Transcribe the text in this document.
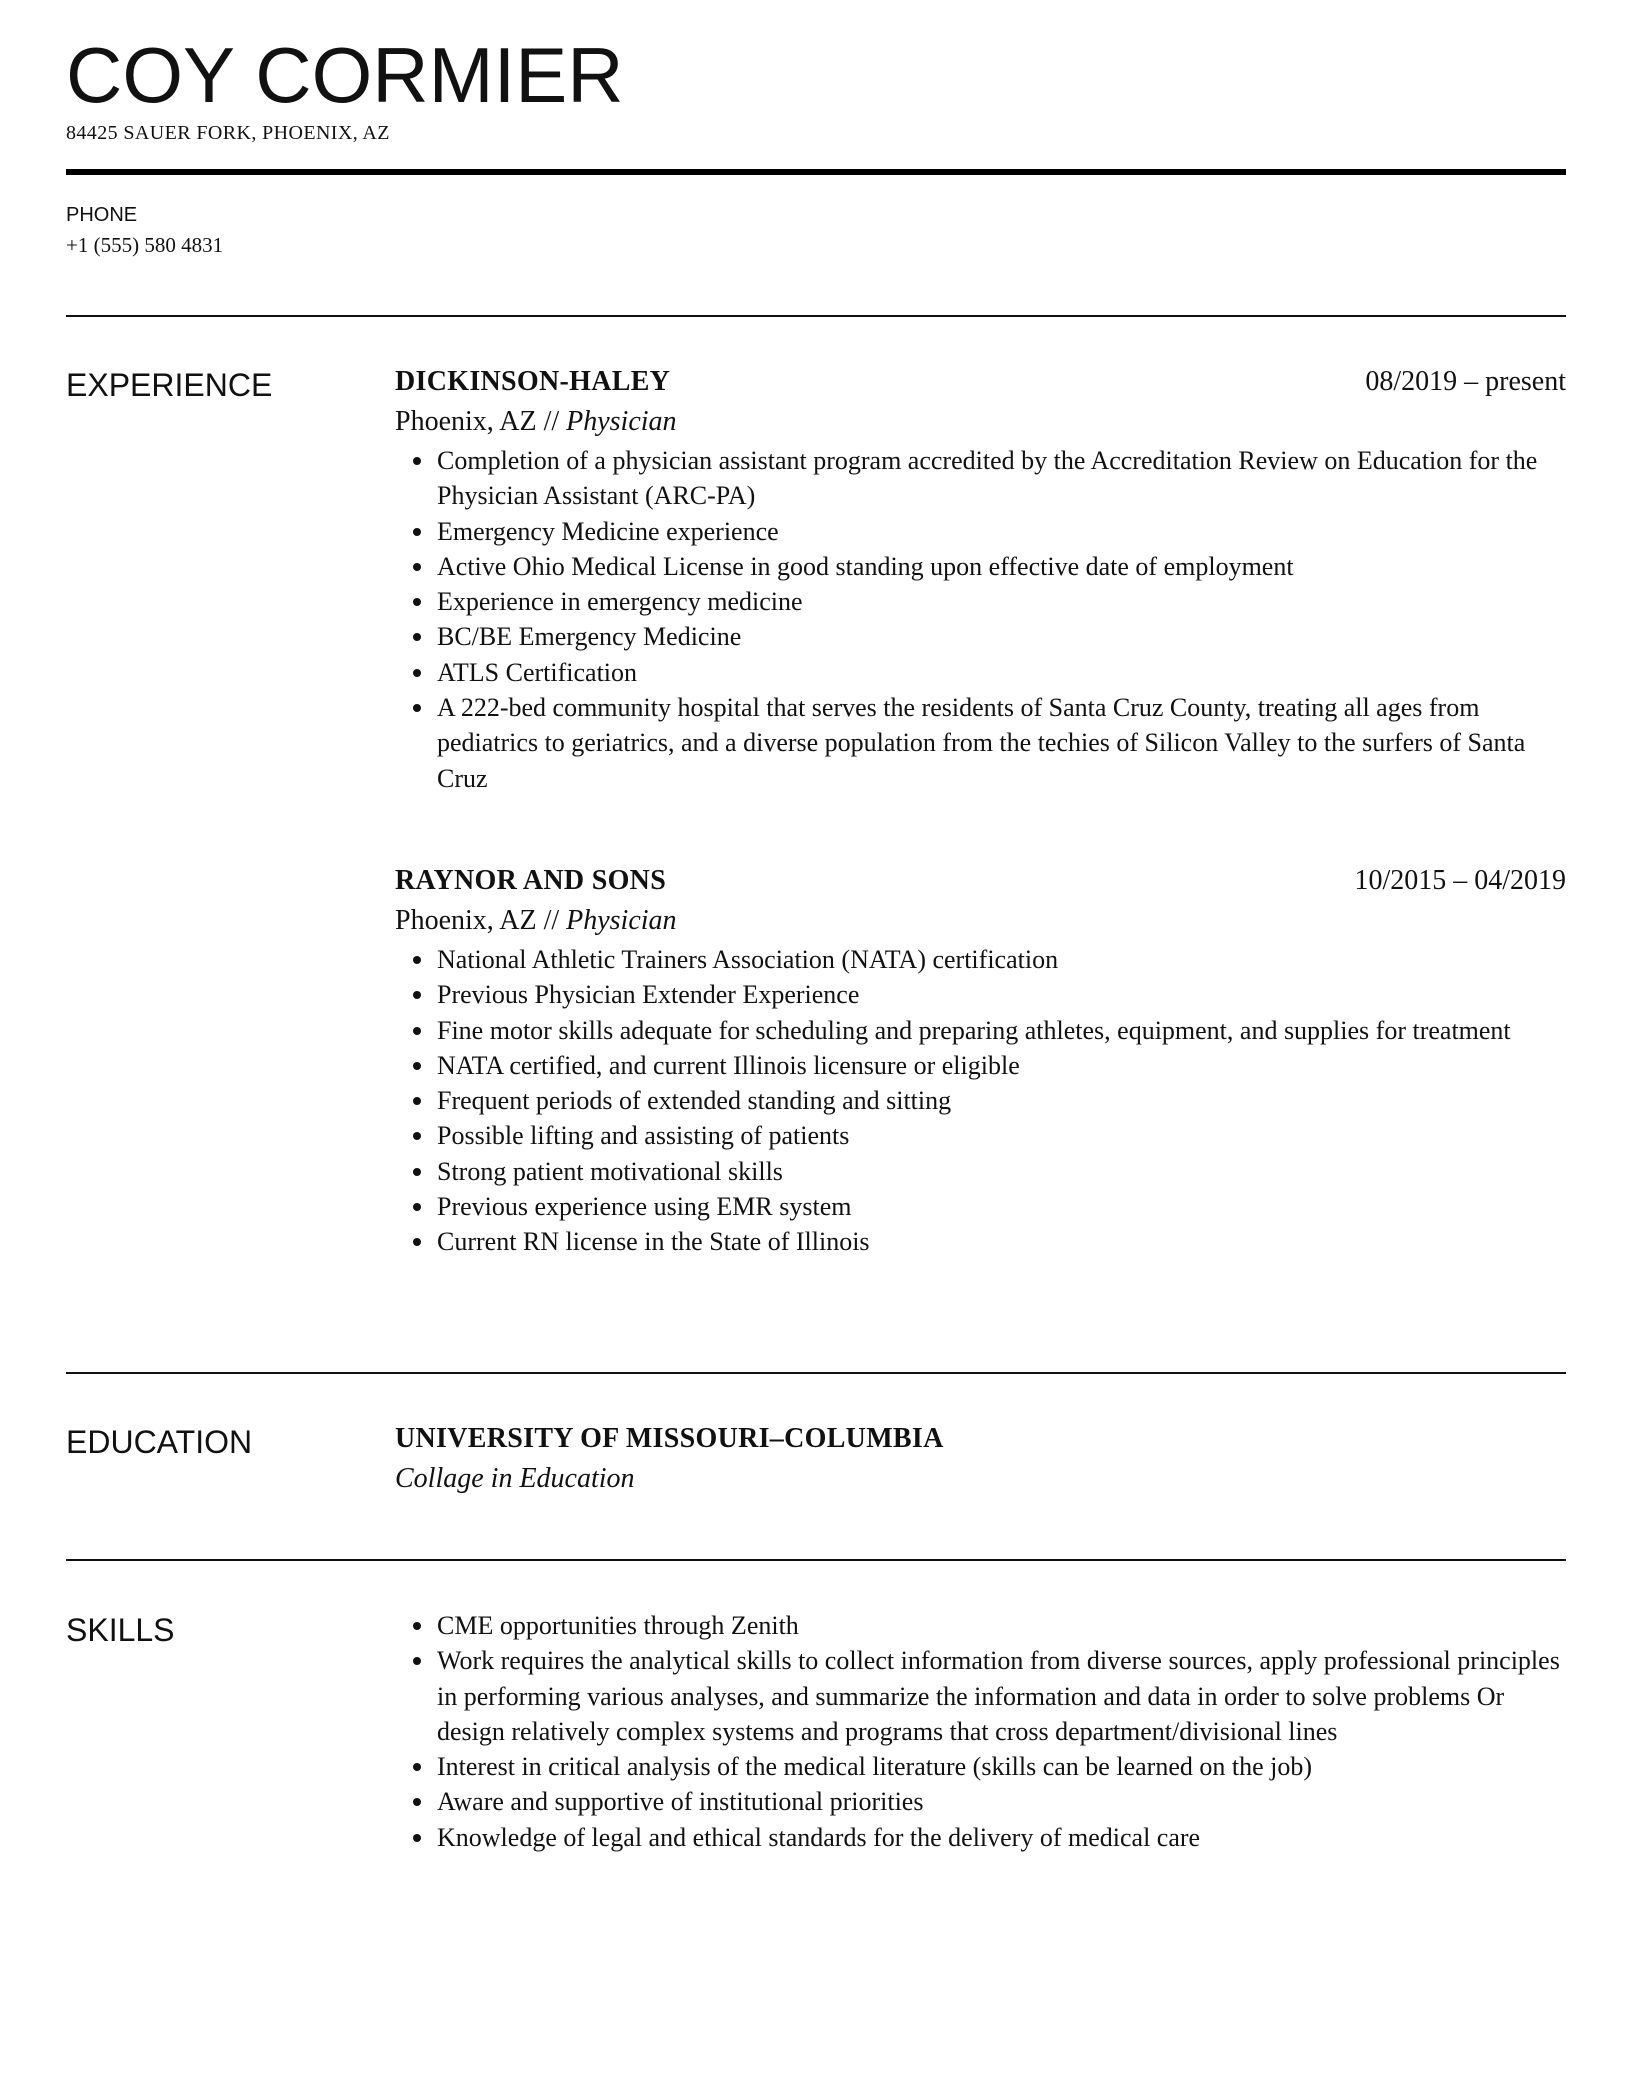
COY CORMIER
84425 SAUER FORK, PHOENIX, AZ
PHONE
+1 (555) 580 4831
EXPERIENCE	DICKINSON-HALEY	08/2019 – present
Phoenix, AZ // Physician
Completion of a physician assistant program accredited by the Accreditation Review on Education for the Physician Assistant (ARC-PA)
Emergency Medicine experience
Active Ohio Medical License in good standing upon effective date of employment
Experience in emergency medicine
BC/BE Emergency Medicine
ATLS Certification
A 222-bed community hospital that serves the residents of Santa Cruz County, treating all ages from pediatrics to geriatrics, and a diverse population from the techies of Silicon Valley to the surfers of Santa Cruz
RAYNOR AND SONS	10/2015 – 04/2019
Phoenix, AZ // Physician
National Athletic Trainers Association (NATA) certification
Previous Physician Extender Experience
Fine motor skills adequate for scheduling and preparing athletes, equipment, and supplies for treatment
NATA certified, and current Illinois licensure or eligible
Frequent periods of extended standing and sitting
Possible lifting and assisting of patients
Strong patient motivational skills
Previous experience using EMR system
Current RN license in the State of Illinois
EDUCATION	UNIVERSITY OF MISSOURI–COLUMBIA
Collage in Education
SKILLS	CME opportunities through Zenith
Work requires the analytical skills to collect information from diverse sources, apply professional principles in performing various analyses, and summarize the information and data in order to solve problems Or design relatively complex systems and programs that cross department/divisional lines
Interest in critical analysis of the medical literature (skills can be learned on the job)
Aware and supportive of institutional priorities
Knowledge of legal and ethical standards for the delivery of medical care
